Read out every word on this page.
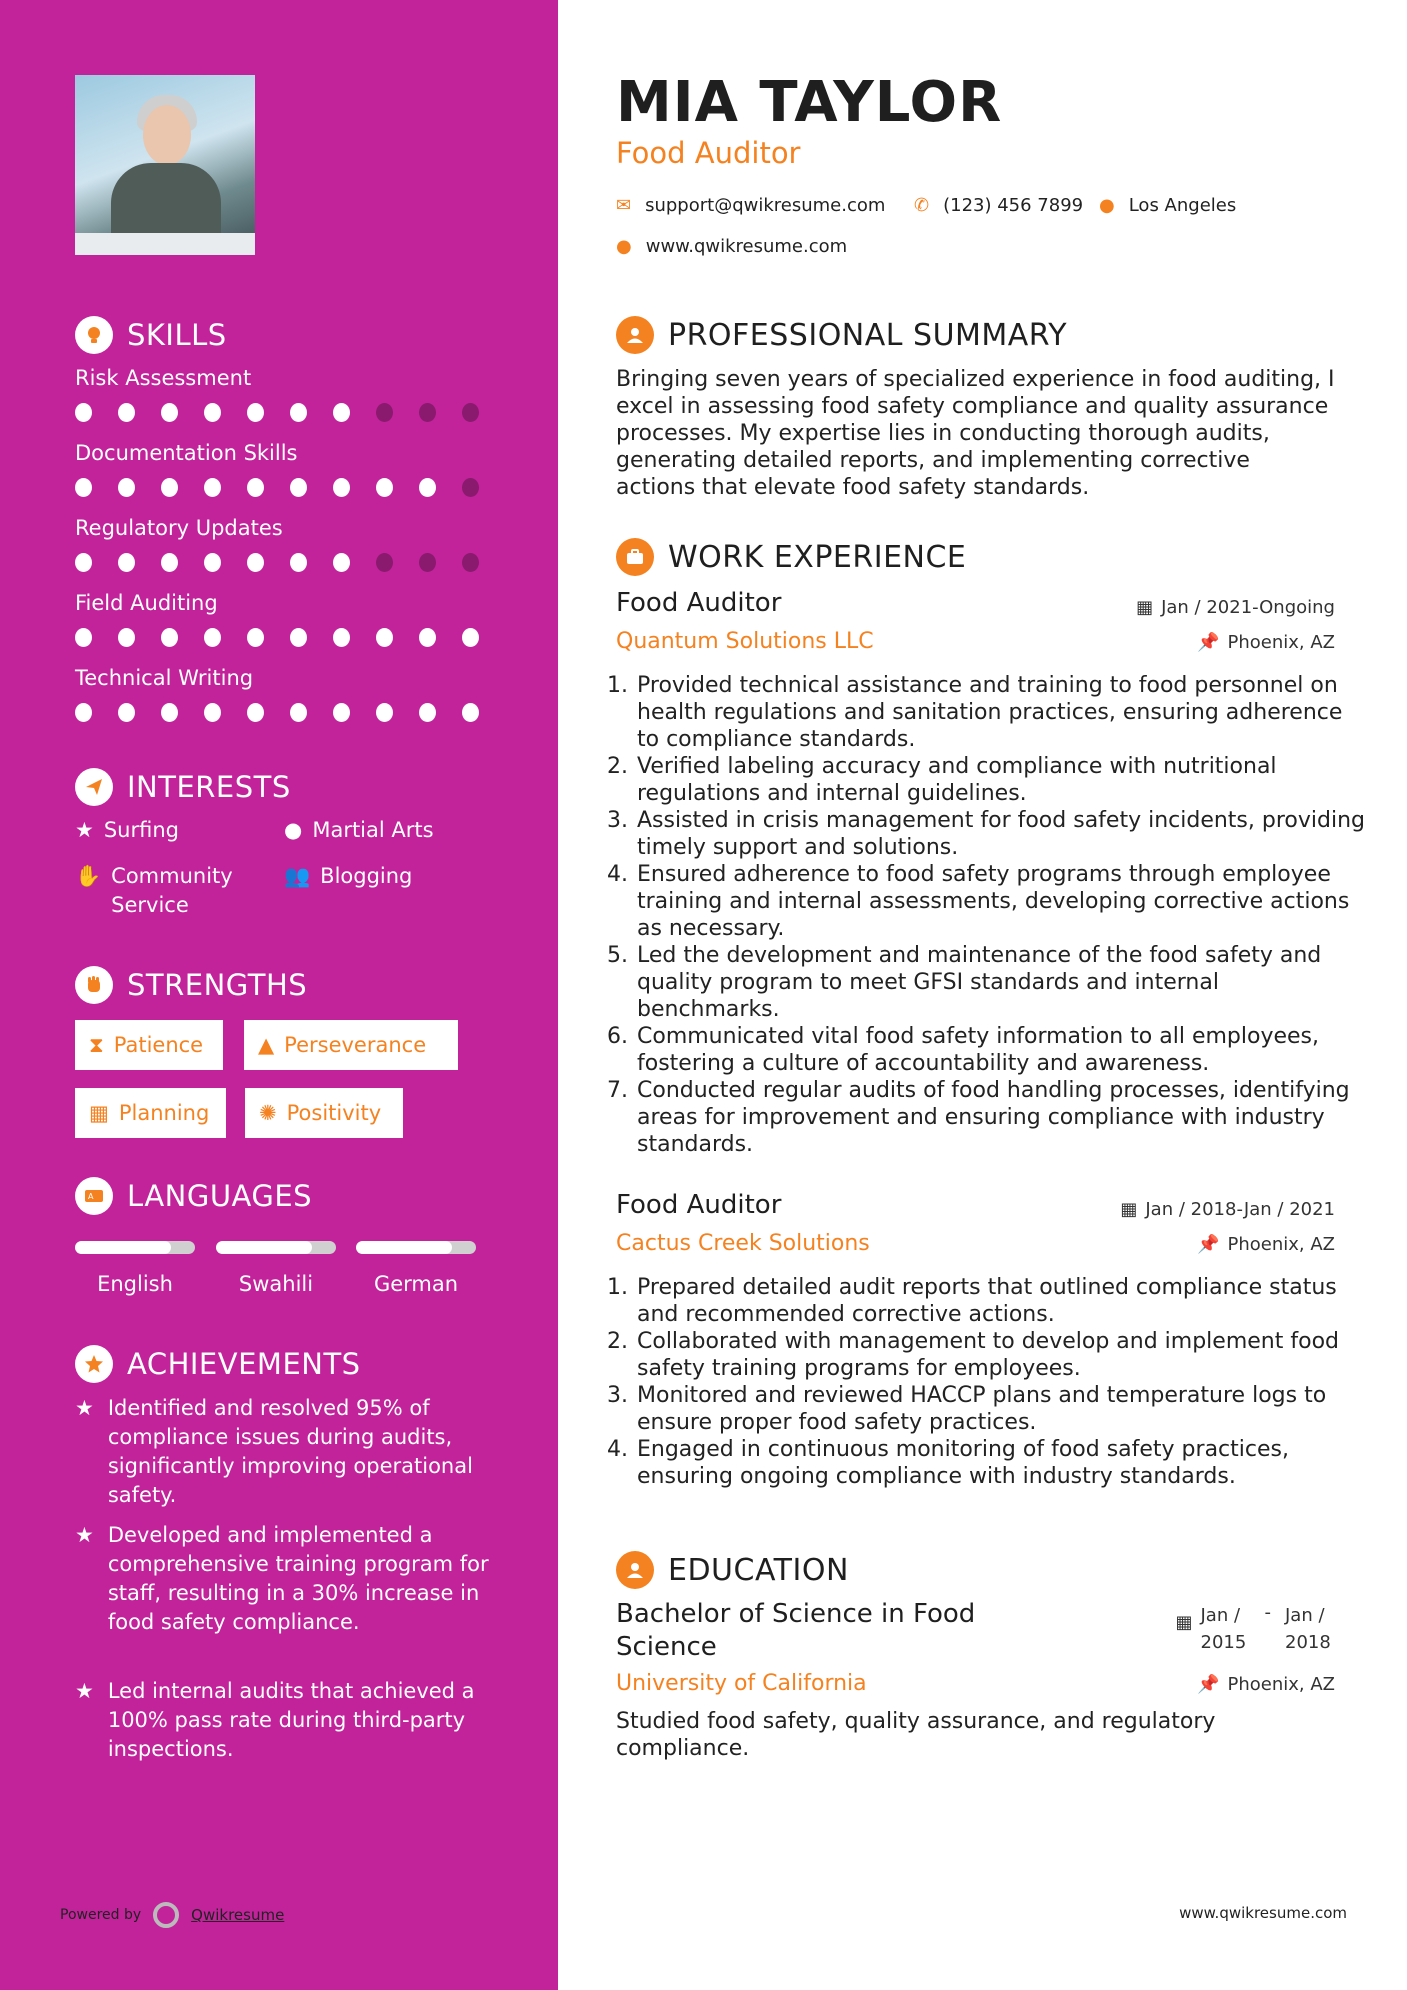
SKILLS
Risk Assessment
Documentation Skills
Regulatory Updates
Field Auditing
Technical Writing
INTERESTS
★ Surfing	● Martial Arts
✋ Community Service
👥 Blogging
STRENGTHS
⧗ Patience	▲ Perseverance
▦ Planning ✺ Positivity
A LANGUAGES
English	Swahili	German
ACHIEVEMENTS
★ Identified and resolved 95% of compliance issues during audits, significantly improving operational safety.
★ Developed and implemented a comprehensive training program for staff, resulting in a 30% increase in food safety compliance.
★ Led internal audits that achieved a 100% pass rate during third-party inspections.
Powered by	Qwikresume
MIA TAYLOR
Food Auditor
✉ support@qwikresume.com ✆ (123) 456 7899 ● Los Angeles
● www.qwikresume.com
PROFESSIONAL SUMMARY
Bringing seven years of specialized experience in food auditing, I excel in assessing food safety compliance and quality assurance processes. My expertise lies in conducting thorough audits, generating detailed reports, and implementing corrective actions that elevate food safety standards.
WORK EXPERIENCE
Food Auditor	▦ Jan / 2021-Ongoing
Quantum Solutions LLC	📌 Phoenix, AZ
1. Provided technical assistance and training to food personnel on health regulations and sanitation practices, ensuring adherence to compliance standards.
2. Verified labeling accuracy and compliance with nutritional regulations and internal guidelines.
3. Assisted in crisis management for food safety incidents, providing timely support and solutions.
4. Ensured adherence to food safety programs through employee training and internal assessments, developing corrective actions as necessary.
5. Led the development and maintenance of the food safety and quality program to meet GFSI standards and internal benchmarks.
6. Communicated vital food safety information to all employees, fostering a culture of accountability and awareness.
7. Conducted regular audits of food handling processes, identifying areas for improvement and ensuring compliance with industry standards.
Food Auditor	▦ Jan / 2018-Jan / 2021
Cactus Creek Solutions	📌 Phoenix, AZ
1. Prepared detailed audit reports that outlined compliance status and recommended corrective actions.
2. Collaborated with management to develop and implement food safety training programs for employees.
3. Monitored and reviewed HACCP plans and temperature logs to ensure proper food safety practices.
4. Engaged in continuous monitoring of food safety practices, ensuring ongoing compliance with industry standards.
EDUCATION
Bachelor of Science in Food Science
▦ Jan / 2015
- Jan / 2018
University of California	📌 Phoenix, AZ
Studied food safety, quality assurance, and regulatory compliance.
www.qwikresume.com
